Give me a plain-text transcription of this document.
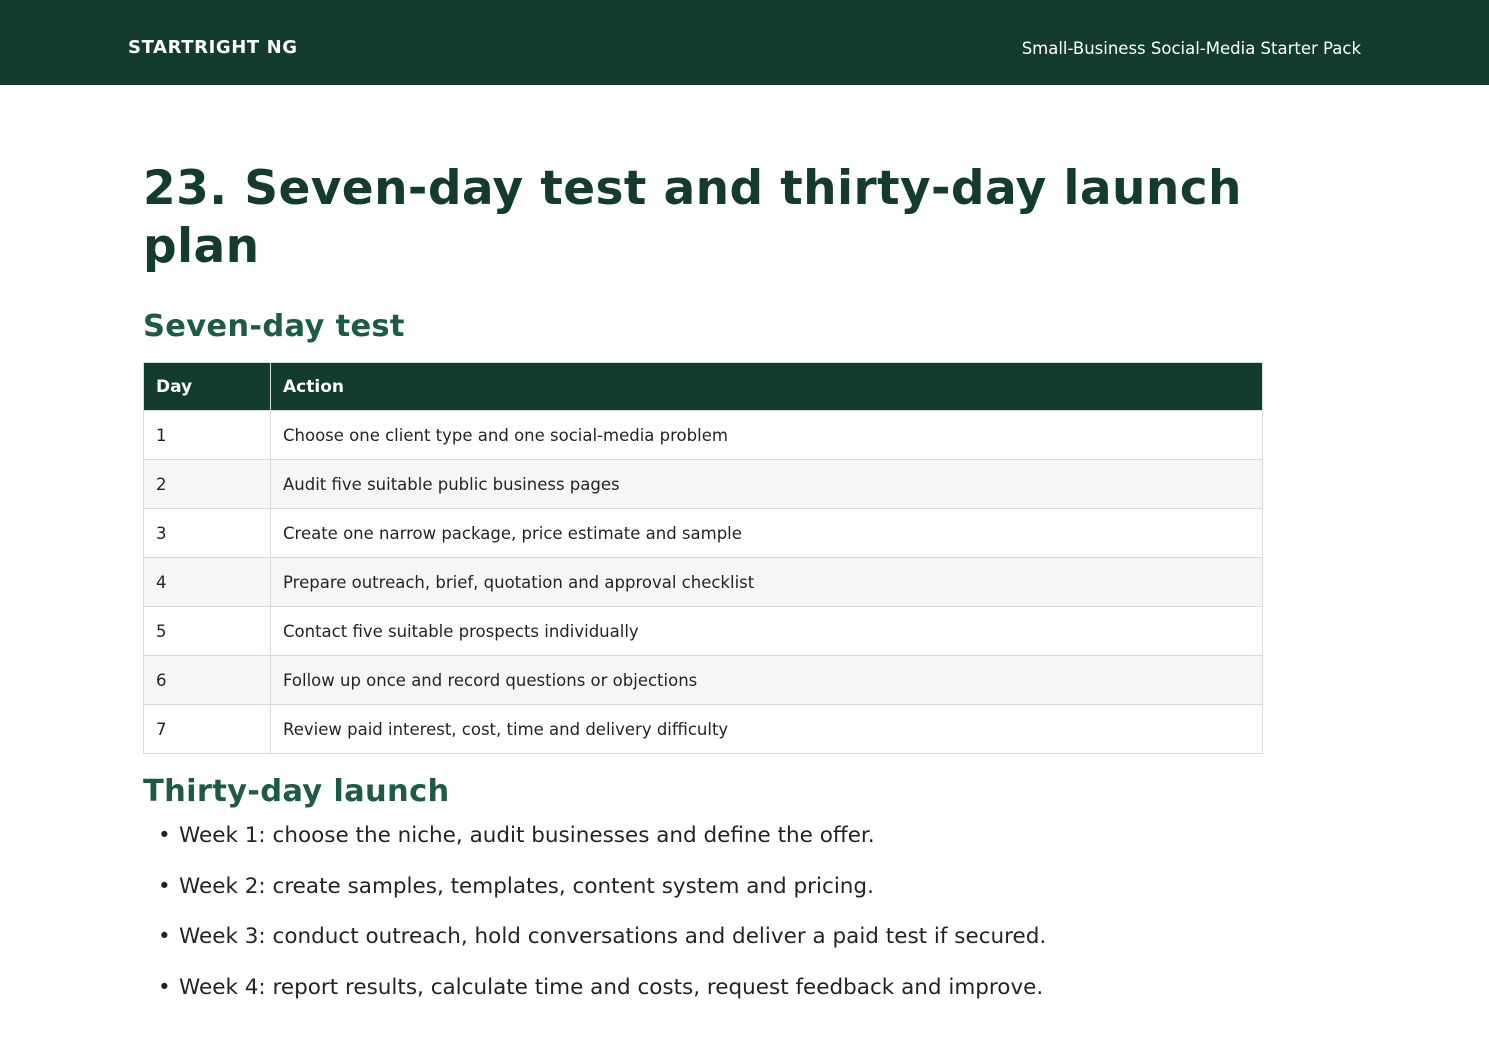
STARTRIGHT NG	Small-Business Social-Media Starter Pack
23. Seven-day test and thirty-day launch plan
Seven-day test
Day	Action
1	Choose one client type and one social-media problem
2	Audit five suitable public business pages
3	Create one narrow package, price estimate and sample
4	Prepare outreach, brief, quotation and approval checklist
5	Contact five suitable prospects individually
6	Follow up once and record questions or objections
7	Review paid interest, cost, time and delivery difficulty
Thirty-day launch
• Week 1: choose the niche, audit businesses and define the offer.
• Week 2: create samples, templates, content system and pricing.
• Week 3: conduct outreach, hold conversations and deliver a paid test if secured.
• Week 4: report results, calculate time and costs, request feedback and improve.
